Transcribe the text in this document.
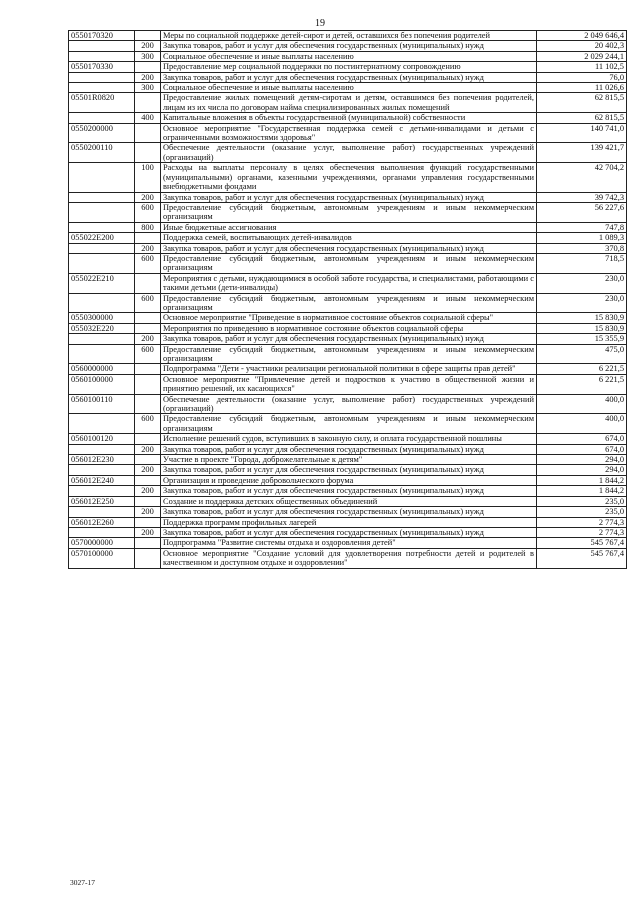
19
0550170320		Меры по социальной поддержке детей-сирот и детей, оставшихся без попечения родителей	2 049 646,4
	200	Закупка товаров, работ и услуг для обеспечения государственных (муниципальных) нужд	20 402,3
	300	Социальное обеспечение и иные выплаты населению	2 029 244,1
0550170330		Предоставление мер социальной поддержки по постинтернатному сопровождению	11 102,5
	200	Закупка товаров, работ и услуг для обеспечения государственных (муниципальных) нужд	76,0
	300	Социальное обеспечение и иные выплаты населению	11 026,6
05501R0820		Предоставление жилых помещений детям-сиротам и детям, оставшимся без попечения родителей, лицам из их числа по договорам найма специализированных жилых помещений	62 815,5
	400	Капитальные вложения в объекты государственной (муниципальной) собственности	62 815,5
0550200000		Основное мероприятие "Государственная поддержка семей с детьми-инвалидами и детьми с ограниченными возможностями здоровья"	140 741,0
0550200110		Обеспечение деятельности (оказание услуг, выполнение работ) государственных учреждений (организаций)	139 421,7
	100	Расходы на выплаты персоналу в целях обеспечения выполнения функций государственными (муниципальными) органами, казенными учреждениями, органами управления государственными внебюджетными фондами	42 704,2
	200	Закупка товаров, работ и услуг для обеспечения государственных (муниципальных) нужд	39 742,3
	600	Предоставление субсидий бюджетным, автономным учреждениям и иным некоммерческим организациям	56 227,6
	800	Иные бюджетные ассигнования	747,8
055022E200		Поддержка семей, воспитывающих детей-инвалидов	1 089,3
	200	Закупка товаров, работ и услуг для обеспечения государственных (муниципальных) нужд	370,8
	600	Предоставление субсидий бюджетным, автономным учреждениям и иным некоммерческим организациям	718,5
055022E210		Мероприятия с детьми, нуждающимися в особой заботе государства, и специалистами, работающими с такими детьми (дети-инвалиды)	230,0
	600	Предоставление субсидий бюджетным, автономным учреждениям и иным некоммерческим организациям	230,0
0550300000		Основное мероприятие "Приведение в нормативное состояние объектов социальной сферы"	15 830,9
055032E220		Мероприятия по приведению в нормативное состояние объектов социальной сферы	15 830,9
	200	Закупка товаров, работ и услуг для обеспечения государственных (муниципальных) нужд	15 355,9
	600	Предоставление субсидий бюджетным, автономным учреждениям и иным некоммерческим организациям	475,0
0560000000		Подпрограмма "Дети - участники реализации региональной политики в сфере защиты прав детей"	6 221,5
0560100000		Основное мероприятие "Привлечение детей и подростков к участию в общественной жизни и принятию решений, их касающихся"	6 221,5
0560100110		Обеспечение деятельности (оказание услуг, выполнение работ) государственных учреждений (организаций)	400,0
	600	Предоставление субсидий бюджетным, автономным учреждениям и иным некоммерческим организациям	400,0
0560100120		Исполнение решений судов, вступивших в законную силу, и оплата государственной пошлины	674,0
	200	Закупка товаров, работ и услуг для обеспечения государственных (муниципальных) нужд	674,0
056012E230		Участие в проекте "Города, доброжелательные к детям"	294,0
	200	Закупка товаров, работ и услуг для обеспечения государственных (муниципальных) нужд	294,0
056012E240		Организация и проведение добровольческого форума	1 844,2
	200	Закупка товаров, работ и услуг для обеспечения государственных (муниципальных) нужд	1 844,2
056012E250		Создание и поддержка детских общественных объединений	235,0
	200	Закупка товаров, работ и услуг для обеспечения государственных (муниципальных) нужд	235,0
056012E260		Поддержка программ профильных лагерей	2 774,3
	200	Закупка товаров, работ и услуг для обеспечения государственных (муниципальных) нужд	2 774,3
0570000000		Подпрограмма "Развитие системы отдыха и оздоровления детей"	545 767,4
0570100000		Основное мероприятие "Создание условий для удовлетворения потребности детей и родителей в качественном и доступном отдыхе и оздоровлении"	545 767,4
3027-17
